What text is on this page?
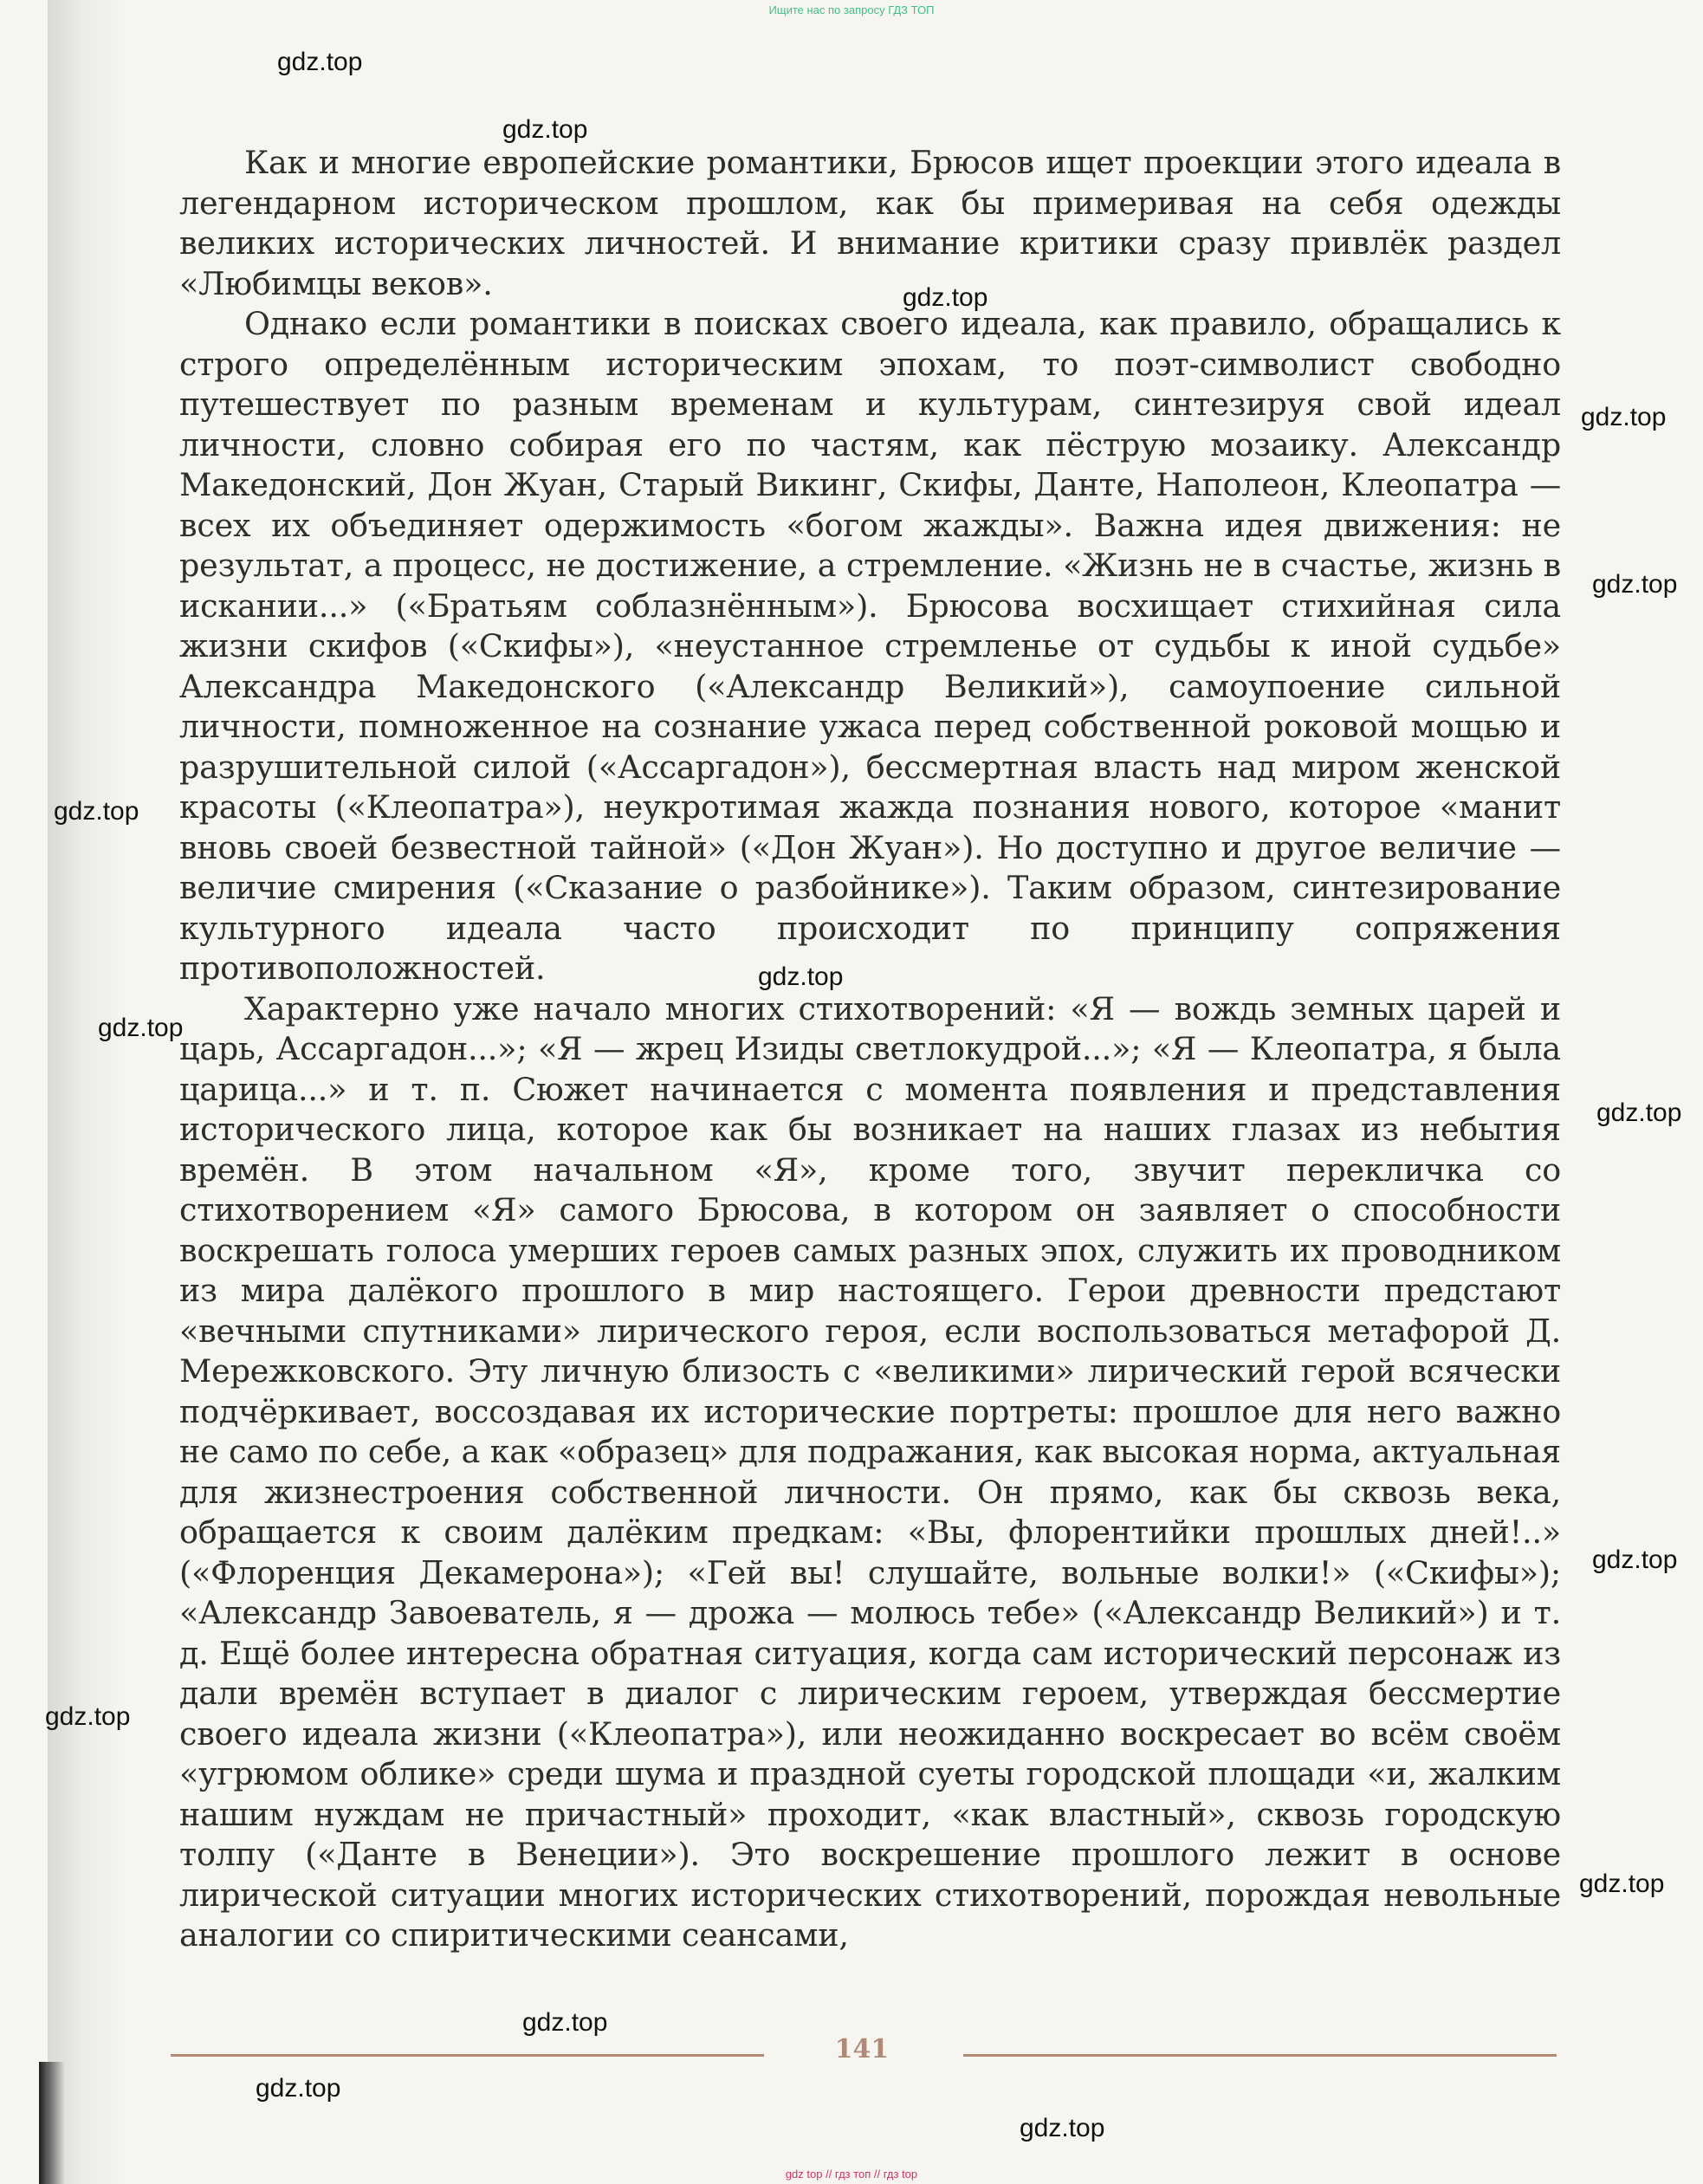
Ищите нас по запросу ГДЗ ТОП
gdz.top
gdz.top
gdz.top
gdz.top
gdz.top
gdz.top
gdz.top
gdz.top
gdz.top
gdz.top
gdz.top
gdz.top
gdz.top
gdz.top
gdz.top

Как и многие европейские романтики, Брюсов ищет проекции этого идеала в легендарном историческом прошлом, как бы примеривая на себя одежды великих исторических личностей. И внимание критики сразу привлёк раздел «Любимцы веков».

Однако если романтики в поисках своего идеала, как правило, обращались к строго определённым историческим эпохам, то поэт-символист свободно путешествует по разным временам и культурам, синтезируя свой идеал личности, словно собирая его по частям, как пёструю мозаику. Александр Македонский, Дон Жуан, Старый Викинг, Скифы, Данте, Наполеон, Клеопатра — всех их объединяет одержимость «богом жажды». Важна идея движения: не результат, а процесс, не достижение, а стремление. «Жизнь не в счастье, жизнь в искании...» («Братьям соблазнённым»). Брюсова восхищает стихийная сила жизни скифов («Скифы»), «неустанное стремленье от судьбы к иной судьбе» Александра Македонского («Александр Великий»), самоупоение сильной личности, помноженное на сознание ужаса перед собственной роковой мощью и разрушительной силой («Ассаргадон»), бессмертная власть над миром женской красоты («Клеопатра»), неукротимая жажда познания нового, которое «манит вновь своей безвестной тайной» («Дон Жуан»). Но доступно и другое величие — величие смирения («Сказание о разбойнике»). Таким образом, синтезирование культурного идеала часто происходит по принципу сопряжения противоположностей.

Характерно уже начало многих стихотворений: «Я — вождь земных царей и царь, Ассаргадон...»; «Я — жрец Изиды светлокудрой...»; «Я — Клеопатра, я была царица...» и т. п. Сюжет начинается с момента появления и представления исторического лица, которое как бы возникает на наших глазах из небытия времён. В этом начальном «Я», кроме того, звучит перекличка со стихотворением «Я» самого Брюсова, в котором он заявляет о способности воскрешать голоса умерших героев самых разных эпох, служить их проводником из мира далёкого прошлого в мир настоящего. Герои древности предстают «вечными спутниками» лирического героя, если воспользоваться метафорой Д. Мережковского. Эту личную близость с «великими» лирический герой всячески подчёркивает, воссоздавая их исторические портреты: прошлое для него важно не само по себе, а как «образец» для подражания, как высокая норма, актуальная для жизнестроения собственной личности. Он прямо, как бы сквозь века, обращается к своим далёким предкам: «Вы, флорентийки прошлых дней!..» («Флоренция Декамерона»); «Гей вы! слушайте, вольные волки!» («Скифы»); «Александр Завоеватель, я — дрожа — молюсь тебе» («Александр Великий») и т. д. Ещё более интересна обратная ситуация, когда сам исторический персонаж из дали времён вступает в диалог с лирическим героем, утверждая бессмертие своего идеала жизни («Клеопатра»), или неожиданно воскресает во всём своём «угрюмом облике» среди шума и праздной суеты городской площади «и, жалким нашим нуждам не причастный» проходит, «как властный», сквозь городскую толпу («Данте в Венеции»). Это воскрешение прошлого лежит в основе лирической ситуации многих исторических стихотворений, порождая невольные аналогии со спиритическими сеансами,

141
gdz top // гдз топ // гдз top
